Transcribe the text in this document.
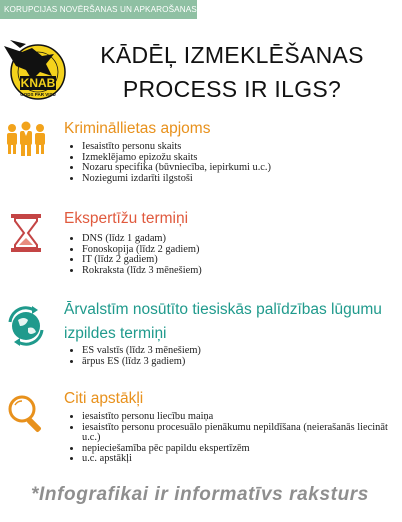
KORUPCIJAS NOVĒRŠANAS UN APKAROŠANAS BIROJS
KNAB
GODS PAR VISU
KĀDĒĻ IZMEKLĒŠANAS
PROCESS IR ILGS?
Krimināllietas apjoms
• Iesaistīto personu skaits
• Izmeklējamo epizožu skaits
• Nozaru specifika (būvniecība, iepirkumi u.c.)
• Noziegumi izdarīti ilgstoši
Ekspertīžu termiņi
• DNS (līdz 1 gadam)
• Fonoskopija (līdz 2 gadiem)
• IT (līdz 2 gadiem)
• Rokraksta (līdz 3 mēnešiem)
Ārvalstīm nosūtīto tiesiskās palīdzības lūgumu izpildes termiņi
• ES valstīs (līdz 3 mēnešiem)
• ārpus ES (līdz 3 gadiem)
Citi apstākļi
• iesaistīto personu liecību maiņa
• iesaistīto personu procesuālo pienākumu nepildīšana (neierašanās liecināt u.c.)
• nepieciešamība pēc papildu ekspertīzēm
• u.c. apstākļi
*Infografikai ir informatīvs raksturs
